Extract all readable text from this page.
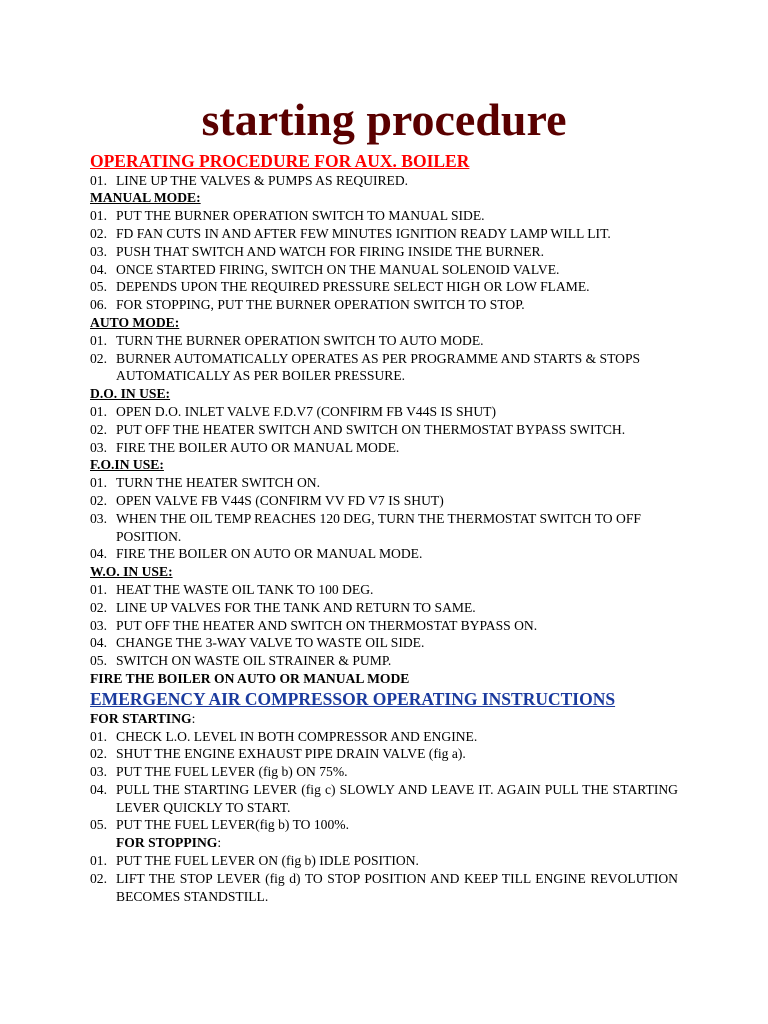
starting procedure
OPERATING PROCEDURE FOR AUX. BOILER
01. LINE UP THE VALVES & PUMPS AS REQUIRED.

MANUAL MODE:

01. PUT THE BURNER OPERATION SWITCH TO MANUAL SIDE.
02. FD FAN CUTS IN AND AFTER FEW MINUTES IGNITION READY LAMP WILL LIT.
03. PUSH THAT SWITCH AND WATCH FOR FIRING INSIDE THE BURNER.
04. ONCE STARTED FIRING, SWITCH ON THE MANUAL SOLENOID VALVE.
05. DEPENDS UPON THE REQUIRED PRESSURE SELECT HIGH OR LOW FLAME.
06. FOR STOPPING, PUT THE BURNER OPERATION SWITCH TO STOP.

AUTO MODE:

01. TURN THE BURNER OPERATION SWITCH TO AUTO MODE.
02. BURNER AUTOMATICALLY OPERATES AS PER PROGRAMME AND STARTS & STOPS AUTOMATICALLY AS PER BOILER PRESSURE.

D.O. IN USE:

01. OPEN D.O. INLET VALVE F.D.V7 (CONFIRM FB V44S IS SHUT)
02. PUT OFF THE HEATER SWITCH AND SWITCH ON THERMOSTAT BYPASS SWITCH.
03. FIRE THE BOILER AUTO OR MANUAL MODE.

F.O.IN USE:

01. TURN THE HEATER SWITCH ON.
02. OPEN VALVE FB V44S (CONFIRM VV FD V7 IS SHUT)
03. WHEN THE OIL TEMP REACHES 120 DEG, TURN THE THERMOSTAT SWITCH TO OFF POSITION.
04. FIRE THE BOILER ON AUTO OR MANUAL MODE.

W.O. IN USE:

01. HEAT THE WASTE OIL TANK TO 100 DEG.
02. LINE UP VALVES FOR THE TANK AND RETURN TO SAME.
03. PUT OFF THE HEATER AND SWITCH ON THERMOSTAT BYPASS ON.
04. CHANGE THE 3-WAY VALVE TO WASTE OIL SIDE.
05. SWITCH ON WASTE OIL STRAINER & PUMP.

FIRE THE BOILER ON AUTO OR MANUAL MODE

EMERGENCY AIR COMPRESSOR OPERATING INSTRUCTIONS

FOR STARTING:

01. CHECK L.O. LEVEL IN BOTH COMPRESSOR AND ENGINE.
02. SHUT THE ENGINE EXHAUST PIPE DRAIN VALVE (fig a).
03. PUT THE FUEL LEVER (fig b) ON 75%.
04. PULL THE STARTING LEVER (fig c) SLOWLY AND LEAVE IT. AGAIN PULL THE STARTING LEVER QUICKLY TO START.
05. PUT THE FUEL LEVER(fig b) TO 100%.

FOR STOPPING:

01. PUT THE FUEL LEVER ON (fig b) IDLE POSITION.
02. LIFT THE STOP LEVER (fig d) TO STOP POSITION AND KEEP TILL ENGINE REVOLUTION BECOMES STANDSTILL.
